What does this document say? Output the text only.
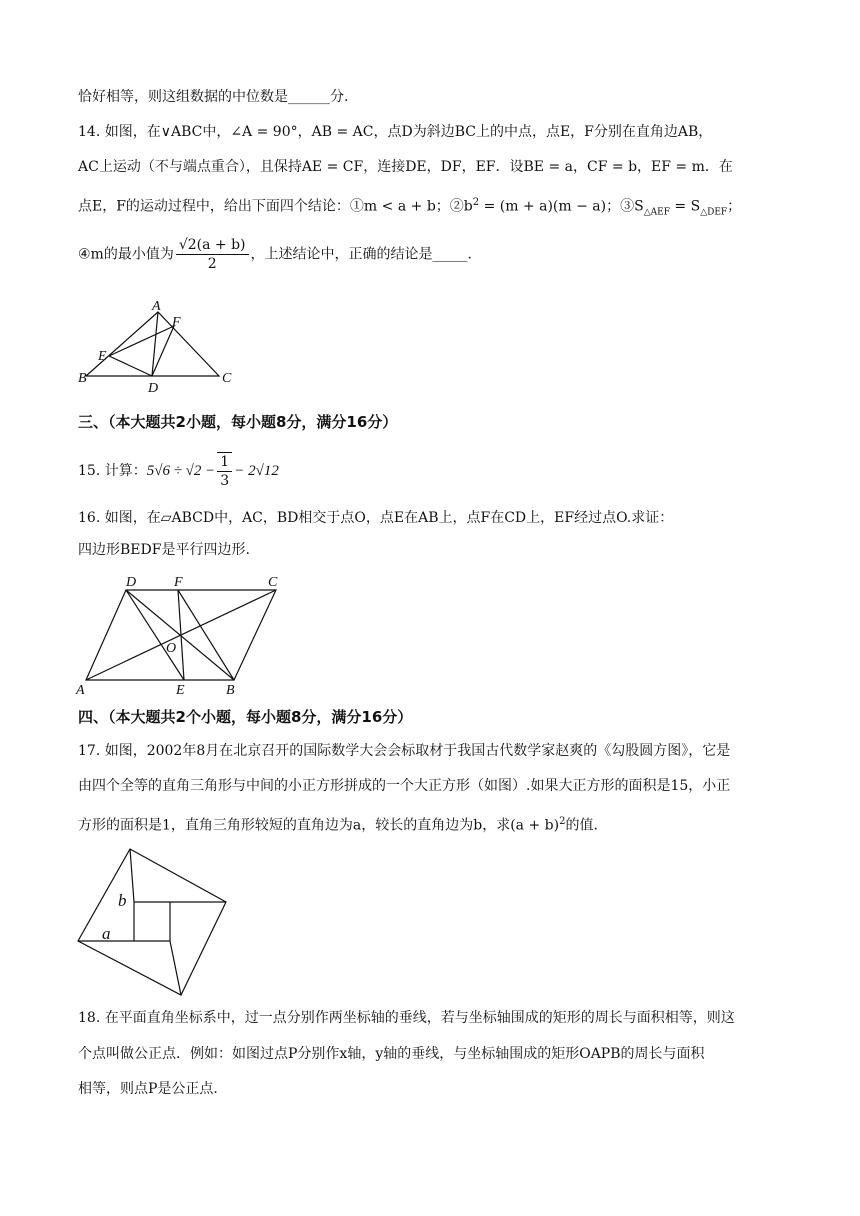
恰好相等，则这组数据的中位数是______分.
14. 如图，在∨ABC中，∠A = 90°，AB = AC，点D为斜边BC上的中点，点E，F分别在直角边AB，
AC上运动（不与端点重合），且保持AE = CF，连接DE，DF，EF．设BE = a，CF = b，EF = m．在
点E，F的运动过程中，给出下面四个结论：①m < a + b；$②b^2 = (m + a)(m - a)$；$③S_{\triangle AEF} = S_{\triangle DEF}$；
④m的最小值为 $\frac{√2(a + b)}{2}$ ，上述结论中，正确的结论是_____.
A
B	C
D
E
F
三、（本大题共2小题，每小题8分，满分16分）
15. 计算：$5√6 \div √2 - \frac{1}{3} - 2√12$
16. 如图，在▱ABCD中，AC，BD相交于点O，点E在AB上，点F在CD上，EF经过点O.求证：
四边形BEDF是平行四边形.
A	B
C
D
E
F
O
四、（本大题共2个小题，每小题8分，满分16分）
17. 如图，2002年8月在北京召开的国际数学大会会标取材于我国古代数学家赵爽的《勾股圆方图》，它是
由四个全等的直角三角形与中间的小正方形拼成的一个大正方形（如图）.如果大正方形的面积是15，小正
方形的面积是1，直角三角形较短的直角边为a，较长的直角边为b，求$(a + b)^2$的值.
b
a
18. 在平面直角坐标系中，过一点分别作两坐标轴的垂线，若与坐标轴围成的矩形的周长与面积相等，则这
个点叫做公正点．例如：如图过点P分别作x轴，y轴的垂线，与坐标轴围成的矩形OAPB的周长与面积
相等，则点P是公正点.
